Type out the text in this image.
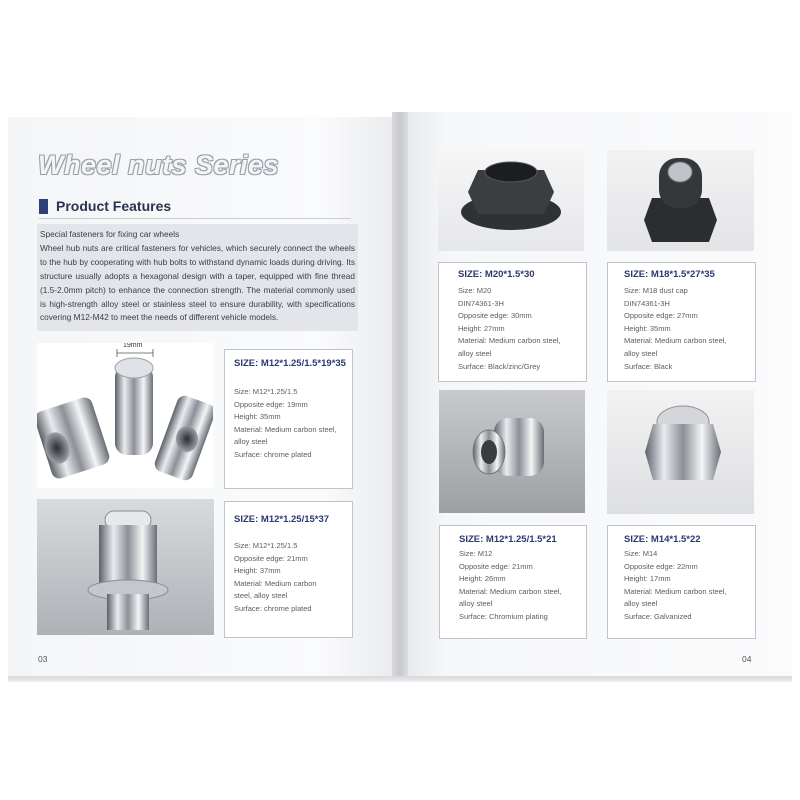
Wheel nuts Series
Product Features

Special fasteners for fixing car wheels

Wheel hub nuts are critical fasteners for vehicles, which securely connect the wheels to the hub by cooperating with hub bolts to withstand dynamic loads during driving. Its structure usually adopts a hexagonal design with a taper, equipped with fine thread (1.5-2.0mm pitch) to enhance the connection strength. The material commonly used is high-strength alloy steel or stainless steel to ensure durability, with specifications covering M12-M42 to meet the needs of different vehicle models.

19mm
SIZE: M12*1.25/1.5*19*35
Size: M12*1.25/1.5
Opposite edge: 19mm
Height: 35mm
Material: Medium carbon steel, alloy steel
Surface: chrome plated
SIZE: M12*1.25/15*37
Size: M12*1.25/1.5
Opposite edge: 21mm
Height: 37mm
Material: Medium carbon steel, alloy steel
Surface: chrome plated
03
SIZE: M20*1.5*30
Size: M20
DIN74361-3H
Opposite edge: 30mm
Height: 27mm
Material: Medium carbon steel, alloy steel
Surface: Black/zinc/Grey
SIZE: M18*1.5*27*35
Size: M18 dust cap
DIN74361-3H
Opposite edge: 27mm
Height: 35mm
Material: Medium carbon steel, alloy steel
Surface: Black
SIZE: M12*1.25/1.5*21
Size: M12
Opposite edge: 21mm
Height: 26mm
Material: Medium carbon steel, alloy steel
Surface: Chromium plating
SIZE: M14*1.5*22
Size: M14
Opposite edge: 22mm
Height: 17mm
Material: Medium carbon steel, alloy steel
Surface: Galvanized
04
